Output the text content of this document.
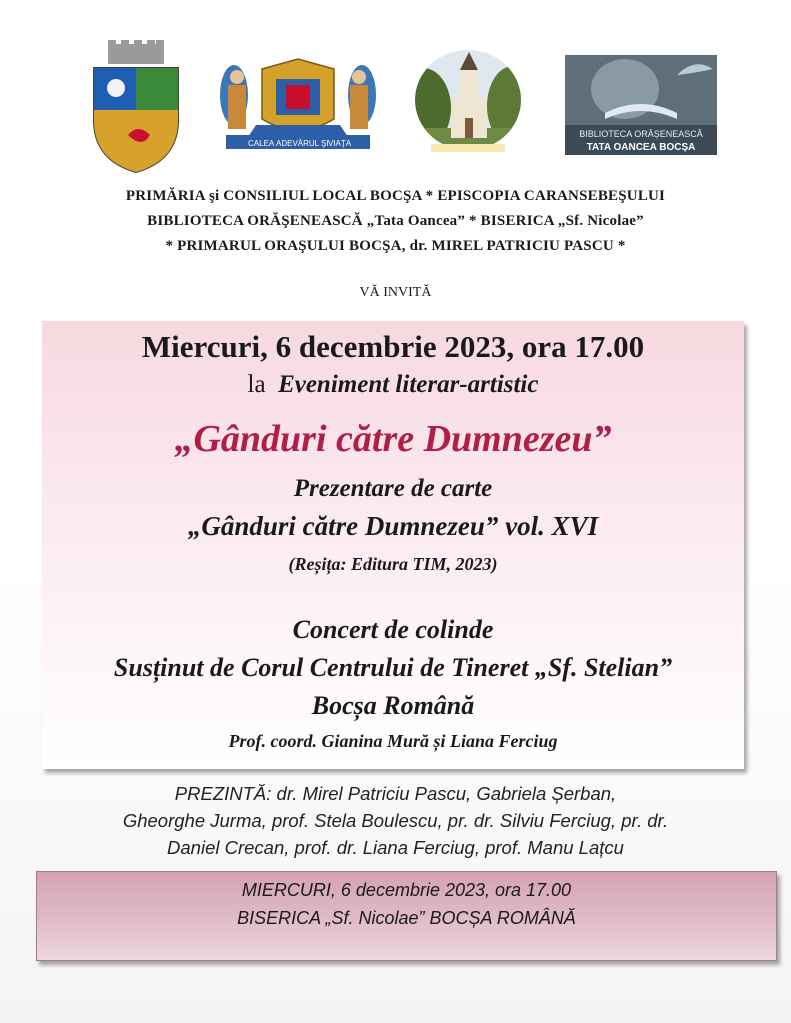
CALEA ADEVĂRUL ŞI VIAŢA
BIBLIOTECA ORĂȘENEASCĂ
TATA OANCEA BOCȘA
PRIMĂRIA şi CONSILIUL LOCAL BOCŞA * EPISCOPIA CARANSEBEŞULUI
BIBLIOTECA ORĂŞENEASCĂ „Tata Oancea” * BISERICA „Sf. Nicolae”
* PRIMARUL ORAŞULUI BOCŞA, dr. MIREL PATRICIU PASCU *
VĂ INVITĂ
Miercuri, 6 decembrie 2023, ora 17.00
la Eveniment literar-artistic
„Gânduri către Dumnezeu”
Prezentare de carte
„Gânduri către Dumnezeu” vol. XVI
(Reșița: Editura TIM, 2023)
Concert de colinde
Susținut de Corul Centrului de Tineret „Sf. Stelian”
Bocșa Română
Prof. coord. Gianina Mură și Liana Ferciug
PREZINTĂ: dr. Mirel Patriciu Pascu, Gabriela Șerban,
Gheorghe Jurma, prof. Stela Boulescu, pr. dr. Silviu Ferciug, pr. dr.
Daniel Crecan, prof. dr. Liana Ferciug, prof. Manu Lațcu
MIERCURI, 6 decembrie 2023, ora 17.00
BISERICA „Sf. Nicolae” BOCȘA ROMÂNĂ
